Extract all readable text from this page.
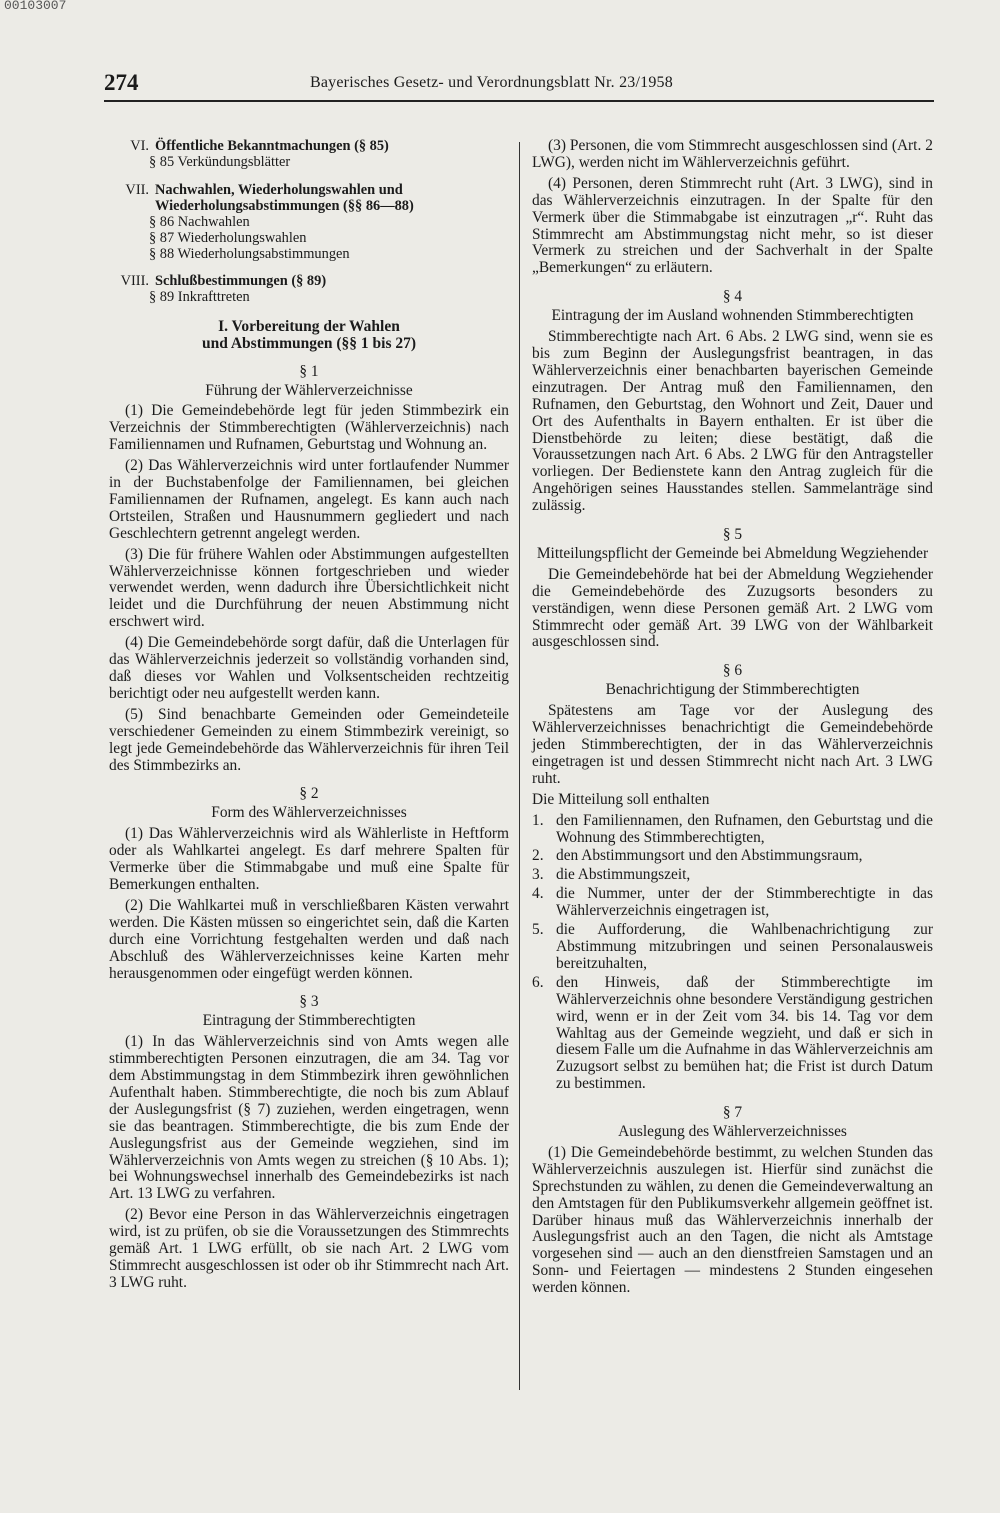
00103007
274	Bayerisches Gesetz- und Verordnungsblatt Nr. 23/1958
VI. Öffentliche Bekanntmachungen (§ 85)
§ 85 Verkündungsblätter
VII. Nachwahlen, Wiederholungswahlen und Wiederholungsabstimmungen (§§ 86—88)
§ 86 Nachwahlen
§ 87 Wiederholungswahlen
§ 88 Wiederholungsabstimmungen
VIII. Schlußbestimmungen (§ 89)
§ 89 Inkrafttreten
I. Vorbereitung der Wahlen
und Abstimmungen (§§ 1 bis 27)
§ 1
Führung der Wählerverzeichnisse

(1) Die Gemeindebehörde legt für jeden Stimmbezirk ein Verzeichnis der Stimmberechtigten (Wählerverzeichnis) nach Familiennamen und Rufnamen, Geburtstag und Wohnung an.

(2) Das Wählerverzeichnis wird unter fortlaufender Nummer in der Buchstabenfolge der Familiennamen, bei gleichen Familiennamen der Rufnamen, angelegt. Es kann auch nach Ortsteilen, Straßen und Hausnummern gegliedert und nach Geschlechtern getrennt angelegt werden.

(3) Die für frühere Wahlen oder Abstimmungen aufgestellten Wählerverzeichnisse können fortgeschrieben und wieder verwendet werden, wenn dadurch ihre Übersichtlichkeit nicht leidet und die Durchführung der neuen Abstimmung nicht erschwert wird.

(4) Die Gemeindebehörde sorgt dafür, daß die Unterlagen für das Wählerverzeichnis jederzeit so vollständig vorhanden sind, daß dieses vor Wahlen und Volksentscheiden rechtzeitig berichtigt oder neu aufgestellt werden kann.

(5) Sind benachbarte Gemeinden oder Gemeindeteile verschiedener Gemeinden zu einem Stimmbezirk vereinigt, so legt jede Gemeindebehörde das Wählerverzeichnis für ihren Teil des Stimmbezirks an.

§ 2
Form des Wählerverzeichnisses

(1) Das Wählerverzeichnis wird als Wählerliste in Heftform oder als Wahlkartei angelegt. Es darf mehrere Spalten für Vermerke über die Stimmabgabe und muß eine Spalte für Bemerkungen enthalten.

(2) Die Wahlkartei muß in verschließbaren Kästen verwahrt werden. Die Kästen müssen so eingerichtet sein, daß die Karten durch eine Vorrichtung festgehalten werden und daß nach Abschluß des Wählerverzeichnisses keine Karten mehr herausgenommen oder eingefügt werden können.

§ 3
Eintragung der Stimmberechtigten

(1) In das Wählerverzeichnis sind von Amts wegen alle stimmberechtigten Personen einzutragen, die am 34. Tag vor dem Abstimmungstag in dem Stimmbezirk ihren gewöhnlichen Aufenthalt haben. Stimmberechtigte, die noch bis zum Ablauf der Auslegungsfrist (§ 7) zuziehen, werden eingetragen, wenn sie das beantragen. Stimmberechtigte, die bis zum Ende der Auslegungsfrist aus der Gemeinde wegziehen, sind im Wählerverzeichnis von Amts wegen zu streichen (§ 10 Abs. 1); bei Wohnungswechsel innerhalb des Gemeindebezirks ist nach Art. 13 LWG zu verfahren.

(2) Bevor eine Person in das Wählerverzeichnis eingetragen wird, ist zu prüfen, ob sie die Voraussetzungen des Stimmrechts gemäß Art. 1 LWG erfüllt, ob sie nach Art. 2 LWG vom Stimmrecht ausgeschlossen ist oder ob ihr Stimmrecht nach Art. 3 LWG ruht.

(3) Personen, die vom Stimmrecht ausgeschlossen sind (Art. 2 LWG), werden nicht im Wählerverzeichnis geführt.

(4) Personen, deren Stimmrecht ruht (Art. 3 LWG), sind in das Wählerverzeichnis einzutragen. In der Spalte für den Vermerk über die Stimmabgabe ist einzutragen „r“. Ruht das Stimmrecht am Abstimmungstag nicht mehr, so ist dieser Vermerk zu streichen und der Sachverhalt in der Spalte „Bemerkungen“ zu erläutern.

§ 4
Eintragung der im Ausland wohnenden Stimmberechtigten

Stimmberechtigte nach Art. 6 Abs. 2 LWG sind, wenn sie es bis zum Beginn der Auslegungsfrist beantragen, in das Wählerverzeichnis einer benachbarten bayerischen Gemeinde einzutragen. Der Antrag muß den Familiennamen, den Rufnamen, den Geburtstag, den Wohnort und Zeit, Dauer und Ort des Aufenthalts in Bayern enthalten. Er ist über die Dienstbehörde zu leiten; diese bestätigt, daß die Voraussetzungen nach Art. 6 Abs. 2 LWG für den Antragsteller vorliegen. Der Bedienstete kann den Antrag zugleich für die Angehörigen seines Hausstandes stellen. Sammelanträge sind zulässig.

§ 5
Mitteilungspflicht der Gemeinde bei Abmeldung Wegziehender

Die Gemeindebehörde hat bei der Abmeldung Wegziehender die Gemeindebehörde des Zuzugsorts besonders zu verständigen, wenn diese Personen gemäß Art. 2 LWG vom Stimmrecht oder gemäß Art. 39 LWG von der Wählbarkeit ausgeschlossen sind.

§ 6
Benachrichtigung der Stimmberechtigten

Spätestens am Tage vor der Auslegung des Wählerverzeichnisses benachrichtigt die Gemeindebehörde jeden Stimmberechtigten, der in das Wählerverzeichnis eingetragen ist und dessen Stimmrecht nicht nach Art. 3 LWG ruht.

Die Mitteilung soll enthalten

1. den Familiennamen, den Rufnamen, den Geburtstag und die Wohnung des Stimmberechtigten,
2. den Abstimmungsort und den Abstimmungsraum,
3. die Abstimmungszeit,
4. die Nummer, unter der der Stimmberechtigte in das Wählerverzeichnis eingetragen ist,
5. die Aufforderung, die Wahlbenachrichtigung zur Abstimmung mitzubringen und seinen Personalausweis bereitzuhalten,
6. den Hinweis, daß der Stimmberechtigte im Wählerverzeichnis ohne besondere Verständigung gestrichen wird, wenn er in der Zeit vom 34. bis 14. Tag vor dem Wahltag aus der Gemeinde wegzieht, und daß er sich in diesem Falle um die Aufnahme in das Wählerverzeichnis am Zuzugsort selbst zu bemühen hat; die Frist ist durch Datum zu bestimmen.
§ 7
Auslegung des Wählerverzeichnisses

(1) Die Gemeindebehörde bestimmt, zu welchen Stunden das Wählerverzeichnis auszulegen ist. Hierfür sind zunächst die Sprechstunden zu wählen, zu denen die Gemeindeverwaltung an den Amtstagen für den Publikumsverkehr allgemein geöffnet ist. Darüber hinaus muß das Wählerverzeichnis innerhalb der Auslegungsfrist auch an den Tagen, die nicht als Amtstage vorgesehen sind — auch an den dienstfreien Samstagen und an Sonn- und Feiertagen — mindestens 2 Stunden eingesehen werden können.
